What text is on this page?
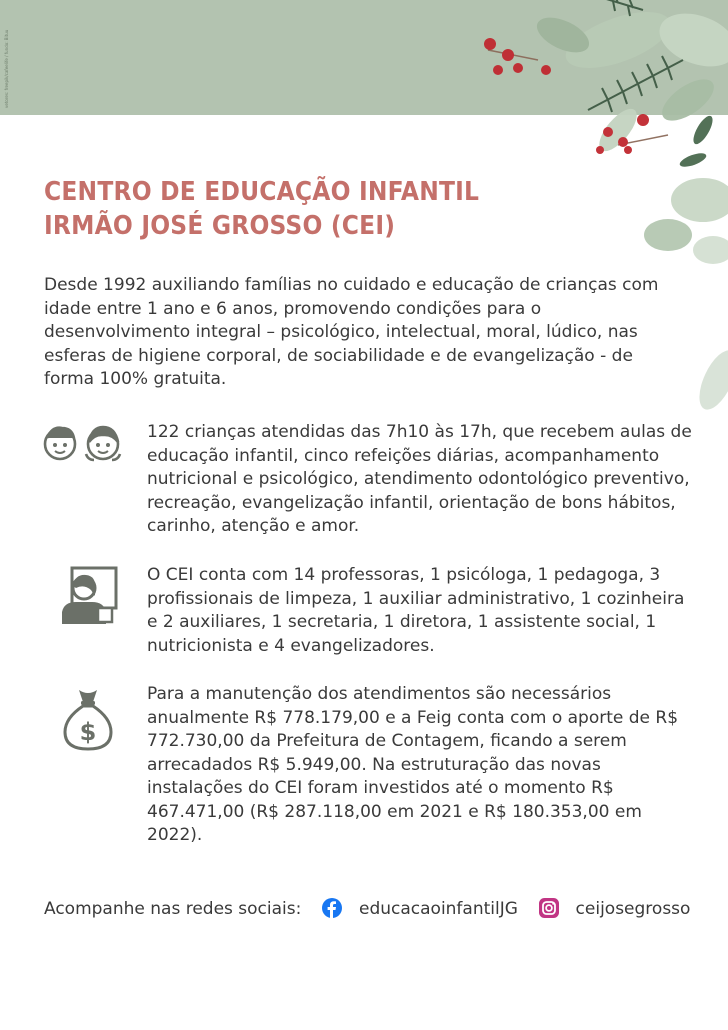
vetores: freepik/cafeelife / fundo: Bituu
CENTRO DE EDUCAÇÃO INFANTIL
IRMÃO JOSÉ GROSSO (CEI)
Desde 1992 auxiliando famílias no cuidado e educação de crianças com idade entre 1 ano e 6 anos, promovendo condições para o desenvolvimento integral – psicológico, intelectual, moral, lúdico, nas esferas de higiene corporal, de sociabilidade e de evangelização - de forma 100% gratuita.
$
122 crianças atendidas das 7h10 às 17h, que recebem aulas de educação infantil, cinco refeições diárias, acompanhamento nutricional e psicológico, atendimento odontológico preventivo, recreação, evangelização infantil, orientação de bons hábitos, carinho, atenção e amor.
O CEI conta com 14 professoras, 1 psicóloga, 1 pedagoga, 3 profissionais de limpeza, 1 auxiliar administrativo, 1 cozinheira e 2 auxiliares, 1 secretaria, 1 diretora, 1 assistente social, 1 nutricionista e 4 evangelizadores.
Para a manutenção dos atendimentos são necessários anualmente R$ 778.179,00 e a Feig conta com o aporte de R$ 772.730,00 da Prefeitura de Contagem, ficando a serem arrecadados R$ 5.949,00. Na estruturação das novas instalações do CEI foram investidos até o momento R$ 467.471,00 (R$ 287.118,00 em 2021 e R$ 180.353,00 em 2022).
Acompanhe nas redes sociais:	educacaoinfantilJG	ceijosegrosso
